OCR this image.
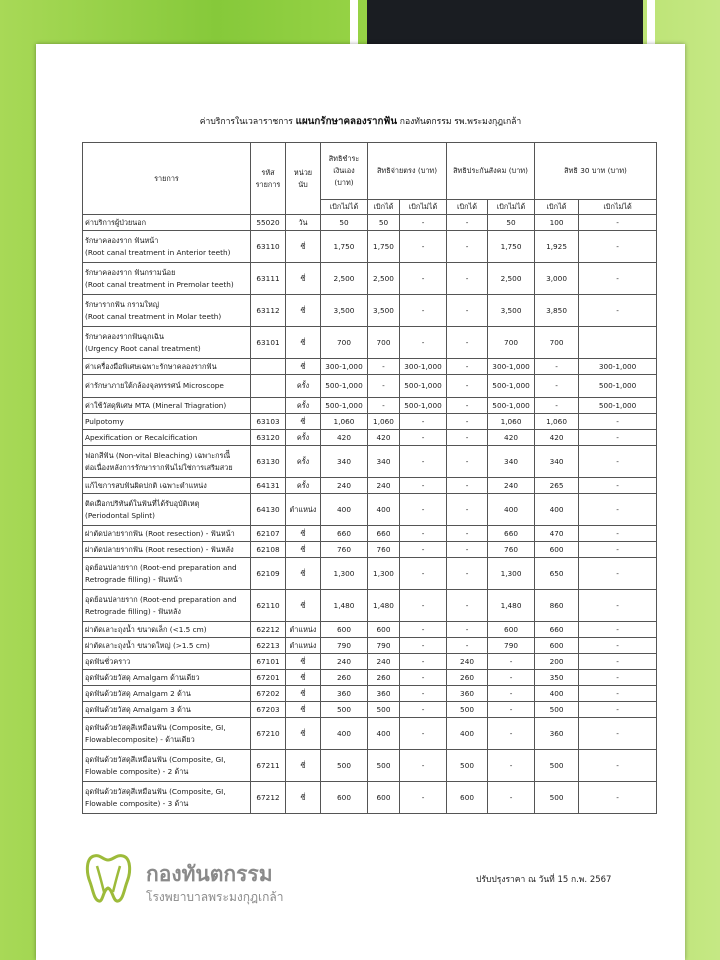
ค่าบริการในเวลาราชการ แผนกรักษาคลองรากฟัน กองทันตกรรม รพ.พระมงกุฎเกล้า
รายการ	รหัส รายการ	หน่วย นับ	สิทธิชำระ เงินเอง (บาท)	สิทธิจ่ายตรง (บาท)		สิทธิประกันสังคม (บาท)		สิทธิ 30 บาท (บาท)	
			เบิกไม่ได้	เบิกได้	เบิกไม่ได้	เบิกได้	เบิกไม่ได้	เบิกได้	เบิกไม่ได้
ค่าบริการผู้ป่วยนอก	55020	วัน	50	50	-	-	50	100	-
รักษาคลองราก ฟันหน้า
(Root canal treatment in Anterior teeth)	63110	ซี่	1,750	1,750	-	-	1,750	1,925	-
รักษาคลองราก ฟันกรามน้อย
(Root canal treatment in Premolar teeth)	63111	ซี่	2,500	2,500	-	-	2,500	3,000	-
รักษารากฟัน กรามใหญ่
(Root canal treatment in Molar teeth)	63112	ซี่	3,500	3,500	-	-	3,500	3,850	-
รักษาคลองรากฟันฉุกเฉิน
(Urgency Root canal treatment)	63101	ซี่	700	700	-	-	700	700	
ค่าเครื่องมือพิเศษเฉพาะรักษาคลองรากฟัน		ซี่	300-1,000	-	300-1,000	-	300-1,000	-	300-1,000
ค่ารักษาภายใต้กล้องจุลทรรศน์ Microscope		ครั้ง	500-1,000	-	500-1,000	-	500-1,000	-	500-1,000
ค่าใช้วัสดุพิเศษ MTA (Mineral Triagration)		ครั้ง	500-1,000	-	500-1,000	-	500-1,000	-	500-1,000
Pulpotomy	63103	ซี่	1,060	1,060	-	-	1,060	1,060	-
Apexification or Recalcification	63120	ครั้ง	420	420	-	-	420	420	-
ฟอกสีฟัน (Non-vital Bleaching) เฉพาะกรณีี
ต่อเนื่องหลังการรักษารากฟันไม่ใช่การเสริมสวย	63130	ครั้ง	340	340	-	-	340	340	-
แก้ไขการสบฟันผิดปกติ เฉพาะตำแหน่ง	64131	ครั้ง	240	240	-	-	240	265	-
ติดเฝือกปริทันต์ในฟันที่ได้รับอุบัติเหตุ
(Periodontal Splint)	64130	ตำแหน่ง	400	400	-	-	400	400	-
ผ่าตัดปลายรากฟัน (Root resection) - ฟันหน้า	62107	ซี่	660	660	-	-	660	470	-
ผ่าตัดปลายรากฟัน (Root resection) - ฟันหลัง	62108	ซี่	760	760	-	-	760	600	-
อุดย้อนปลายราก (Root-end preparation and
Retrograde filling) - ฟันหน้า	62109	ซี่	1,300	1,300	-	-	1,300	650	-
อุดย้อนปลายราก (Root-end preparation and
Retrograde filling) - ฟันหลัง	62110	ซี่	1,480	1,480	-	-	1,480	860	-
ผ่าตัดเลาะถุงน้ำ ขนาดเล็ก (<1.5 cm)	62212	ตำแหน่ง	600	600	-	-	600	660	-
ผ่าตัดเลาะถุงน้ำ ขนาดใหญ่ (>1.5 cm)	62213	ตำแหน่ง	790	790	-	-	790	600	-
อุดฟันชั่วคราว	67101	ซี่	240	240	-	240	-	200	-
อุดฟันด้วยวัสดุ Amalgam ด้านเดียว	67201	ซี่	260	260	-	260	-	350	-
อุดฟันด้วยวัสดุ Amalgam 2 ด้าน	67202	ซี่	360	360	-	360	-	400	-
อุดฟันด้วยวัสดุ Amalgam 3 ด้าน	67203	ซี่	500	500	-	500	-	500	-
อุดฟันด้วยวัสดุสีเหมือนฟัน (Composite, GI,
Flowablecomposite) - ด้านเดียว	67210	ซี่	400	400	-	400	-	360	-
อุดฟันด้วยวัสดุสีเหมือนฟัน (Composite, GI,
Flowable composite) - 2 ด้าน	67211	ซี่	500	500	-	500	-	500	-
อุดฟันด้วยวัสดุสีเหมือนฟัน (Composite, GI,
Flowable composite) - 3 ด้าน	67212	ซี่	600	600	-	600	-	500	-
กองทันตกรรม
โรงพยาบาลพระมงกุฎเกล้า
ปรับปรุงราคา ณ วันที่ 15 ก.พ. 2567
